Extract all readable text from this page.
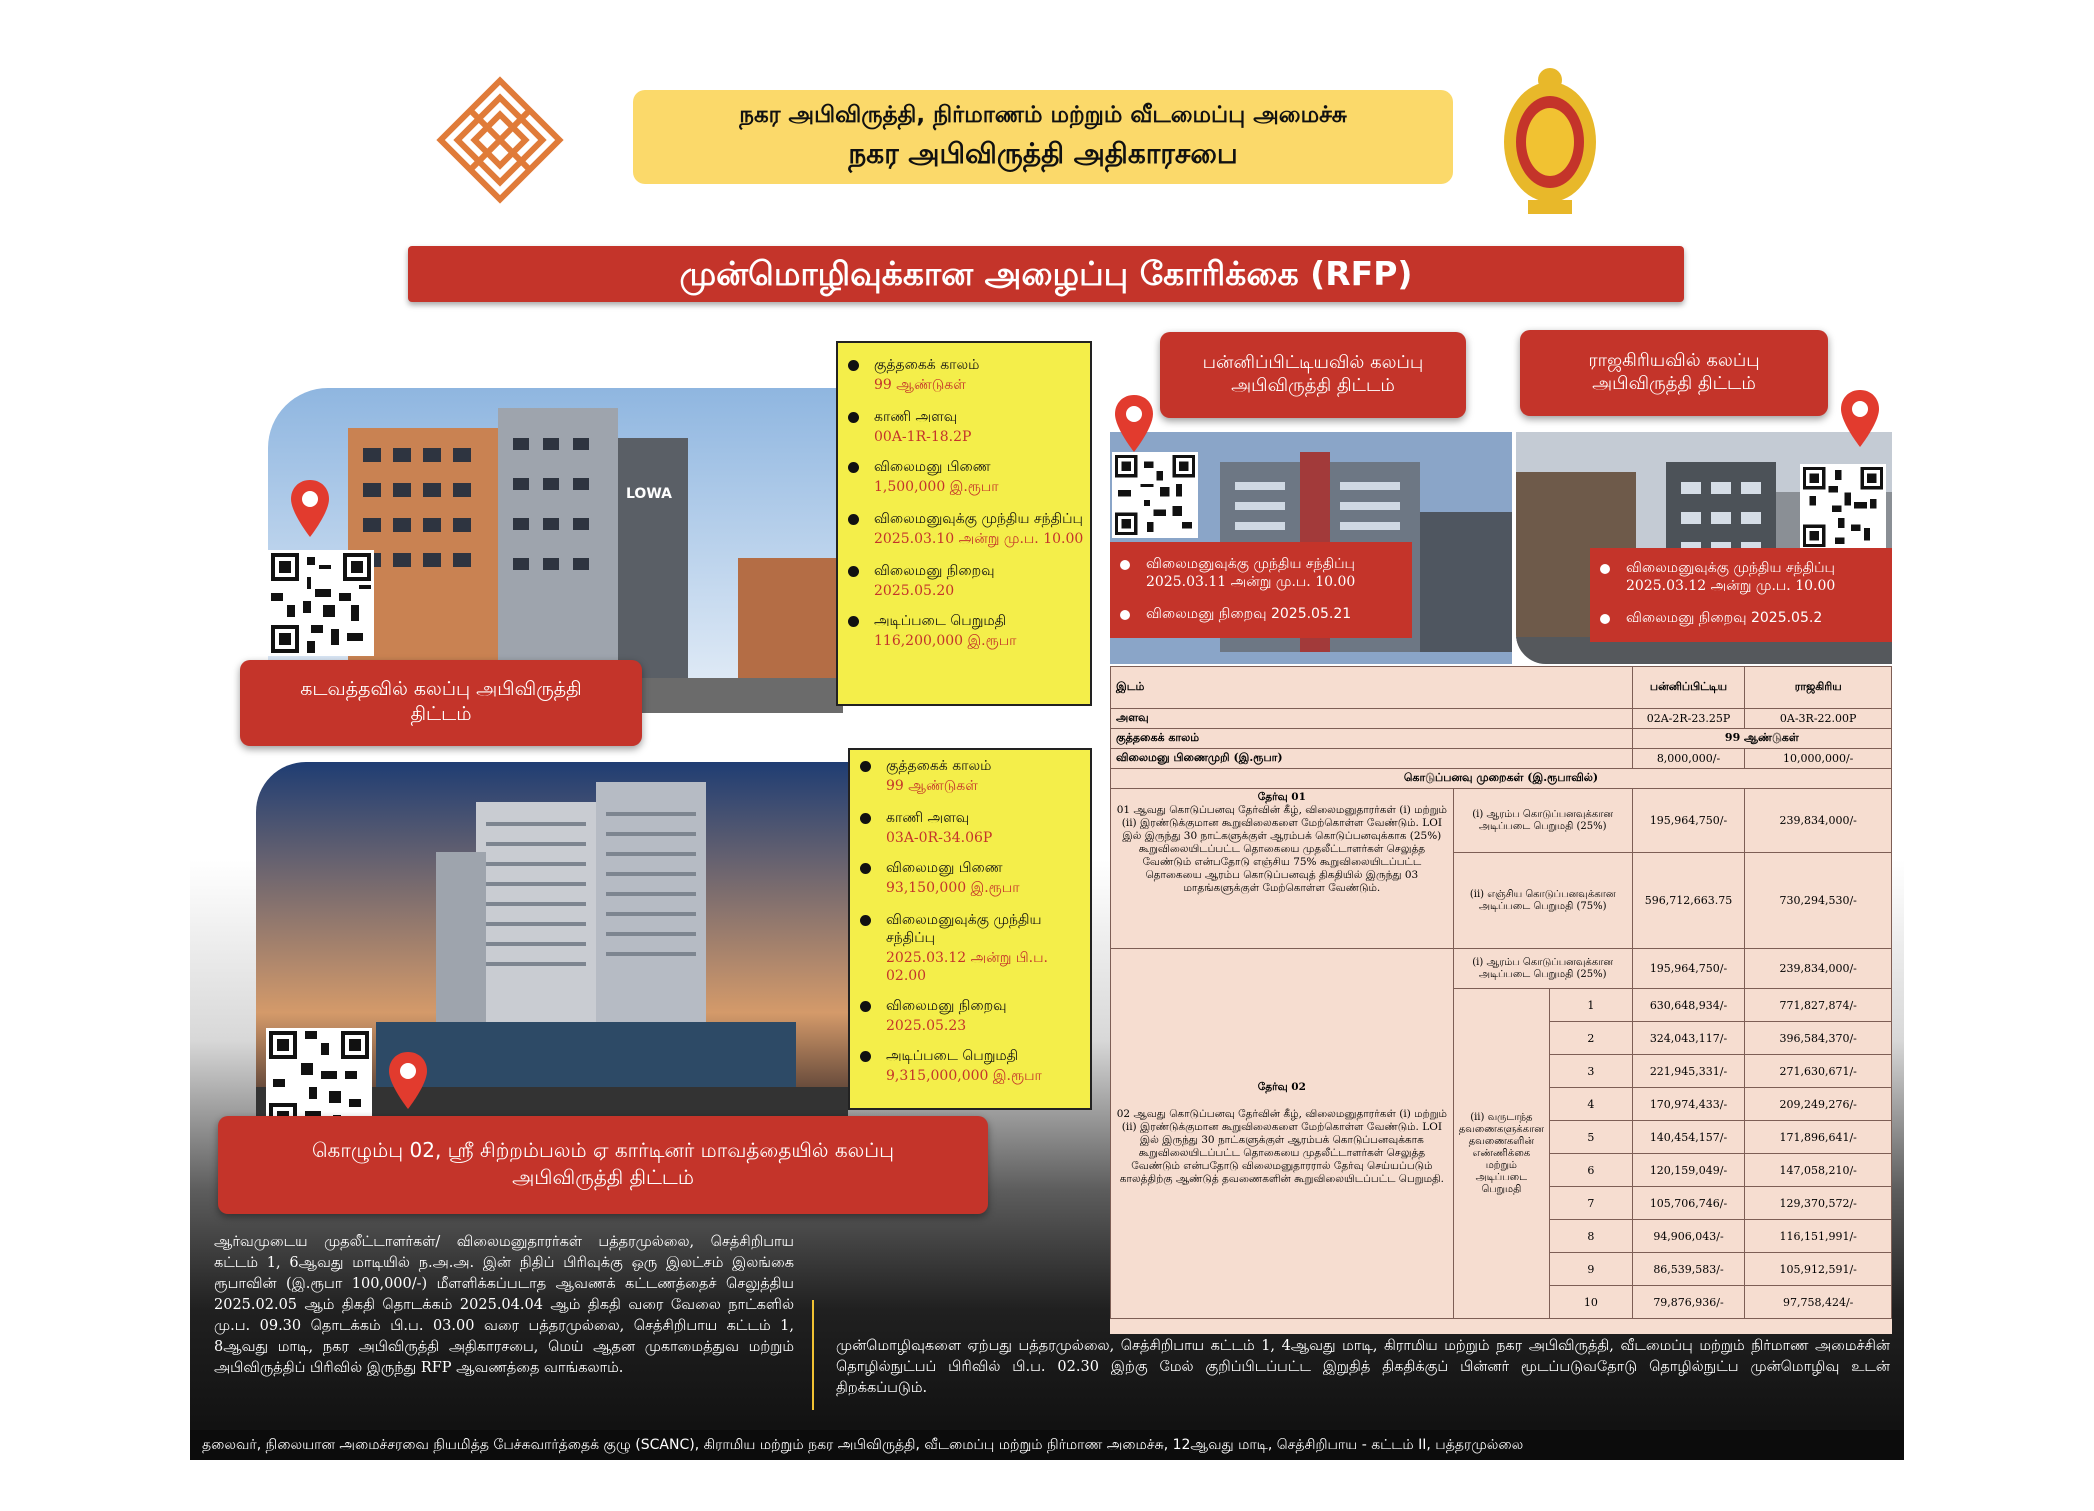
நகர அபிவிருத்தி, நிர்மாணம் மற்றும் வீடமைப்பு அமைச்சு
நகர அபிவிருத்தி அதிகாரசபை
முன்மொழிவுக்கான அழைப்பு கோரிக்கை (RFP)
LOWA
கடவத்தவில் கலப்பு அபிவிருத்தி திட்டம்
குத்தகைக் காலம்
99 ஆண்டுகள்
காணி அளவு
00A-1R-18.2P
விலைமனு பிணை
1,500,000 இ.ரூபா
விலைமனுவுக்கு முந்திய சந்திப்பு
2025.03.10 அன்று மு.ப. 10.00
விலைமனு நிறைவு
2025.05.20
அடிப்படை பெறுமதி
116,200,000 இ.ரூபா
பன்னிப்பிட்டியவில் கலப்பு அபிவிருத்தி திட்டம்
விலைமனுவுக்கு முந்திய சந்திப்பு
2025.03.11 அன்று மு.ப. 10.00
விலைமனு நிறைவு 2025.05.21
ராஜகிரியவில் கலப்பு அபிவிருத்தி திட்டம்
விலைமனுவுக்கு முந்திய சந்திப்பு
2025.03.12 அன்று மு.ப. 10.00
விலைமனு நிறைவு 2025.05.2
கொழும்பு 02, ஸ்ரீ சிற்றம்பலம் ஏ கார்டினர் மாவத்தையில் கலப்பு அபிவிருத்தி திட்டம்
குத்தகைக் காலம்
99 ஆண்டுகள்
காணி அளவு
03A-0R-34.06P
விலைமனு பிணை
93,150,000 இ.ரூபா
விலைமனுவுக்கு முந்திய சந்திப்பு
2025.03.12 அன்று பி.ப. 02.00
விலைமனு நிறைவு
2025.05.23
அடிப்படை பெறுமதி
9,315,000,000 இ.ரூபா
இடம்			பன்னிப்பிட்டிய	ராஜகிரிய
அளவு			02A-2R-23.25P	0A-3R-22.00P
குத்தகைக் காலம்			99 ஆண்டுகள்	
விலைமனு பிணைமுறி (இ.ரூபா)			8,000,000/-	10,000,000/-
கொடுப்பனவு முறைகள் (இ.ரூபாவில்)				

தேர்வு 01
01 ஆவது கொடுப்பனவு தேர்வின் கீழ், விலைமனுதாரர்கள் (i) மற்றும் (ii) இரண்டுக்குமான கூறுவிலைகளை மேற்கொள்ள வேண்டும். LOI இல் இருந்து 30 நாட்களுக்குள் ஆரம்பக் கொடுப்பனவுக்காக (25%) கூறுவிலையிடப்பட்ட தொகையை முதலீட்டாளர்கள் செலுத்த வேண்டும் என்பதோடு எஞ்சிய 75% கூறுவிலையிடப்பட்ட தொகையை ஆரம்ப கொடுப்பனவுத் திகதியில் இருந்து 03 மாதங்களுக்குள் மேற்கொள்ள வேண்டும்.	(i) ஆரம்ப கொடுப்பனவுக்கான அடிப்படை பெறுமதி (25%)		195,964,750/-	239,834,000/-
	(ii) எஞ்சிய கொடுப்பனவுக்கான அடிப்படை பெறுமதி (75%)		596,712,663.75	730,294,530/-

தேர்வு 02
02 ஆவது கொடுப்பனவு தேர்வின் கீழ், விலைமனுதாரர்கள் (i) மற்றும் (ii) இரண்டுக்குமான கூறுவிலைகளை மேற்கொள்ள வேண்டும். LOI இல் இருந்து 30 நாட்களுக்குள் ஆரம்பக் கொடுப்பனவுக்காக கூறுவிலையிடப்பட்ட தொகையை முதலீட்டாளர்கள் செலுத்த வேண்டும் என்பதோடு விலைமனுதாரரால் தேர்வு செய்யப்படும் காலத்திற்கு ஆண்டுத் தவணைகளின் கூறுவிலையிடப்பட்ட பெறுமதி.	(i) ஆரம்ப கொடுப்பனவுக்கான அடிப்படை பெறுமதி (25%)		195,964,750/-	239,834,000/-
	(ii) வருடாந்த தவணைகளுக்கான தவணைகளின் எண்ணிக்கை மற்றும் அடிப்படை பெறுமதி	1	630,648,934/-	771,827,874/-
		2	324,043,117/-	396,584,370/-
		3	221,945,331/-	271,630,671/-
		4	170,974,433/-	209,249,276/-
		5	140,454,157/-	171,896,641/-
		6	120,159,049/-	147,058,210/-
		7	105,706,746/-	129,370,572/-
		8	94,906,043/-	116,151,991/-
		9	86,539,583/-	105,912,591/-
		10	79,876,936/-	97,758,424/-
ஆர்வமுடைய முதலீட்டாளர்கள்/ விலைமனுதாரர்கள் பத்தரமுல்லை, செத்சிறிபாய கட்டம் 1, 6ஆவது மாடியில் ந.அ.அ. இன் நிதிப் பிரிவுக்கு ஒரு இலட்சம் இலங்கை ரூபாவின் (இ.ரூபா 100,000/-) மீளளிக்கப்படாத ஆவணக் கட்டணத்தைச் செலுத்திய 2025.02.05 ஆம் திகதி தொடக்கம் 2025.04.04 ஆம் திகதி வரை வேலை நாட்களில் மு.ப. 09.30 தொடக்கம் பி.ப. 03.00 வரை பத்தரமுல்லை, செத்சிறிபாய கட்டம் 1, 8ஆவது மாடி, நகர அபிவிருத்தி அதிகாரசபை, மெய் ஆதன முகாமைத்துவ மற்றும் அபிவிருத்திப் பிரிவில் இருந்து RFP ஆவணத்தை வாங்கலாம்.
முன்மொழிவுகளை ஏற்பது பத்தரமுல்லை, செத்சிறிபாய கட்டம் 1, 4ஆவது மாடி, கிராமிய மற்றும் நகர அபிவிருத்தி, வீடமைப்பு மற்றும் நிர்மாண அமைச்சின் தொழில்நுட்பப் பிரிவில் பி.ப. 02.30 இற்கு மேல் குறிப்பிடப்பட்ட இறுதித் திகதிக்குப் பின்னர் மூடப்படுவதோடு தொழில்நுட்ப முன்மொழிவு உடன் திறக்கப்படும்.
தலைவர், நிலையான அமைச்சரவை நியமித்த பேச்சுவார்த்தைக் குழு (SCANC), கிராமிய மற்றும் நகர அபிவிருத்தி, வீடமைப்பு மற்றும் நிர்மாண அமைச்சு, 12ஆவது மாடி, செத்சிறிபாய - கட்டம் II, பத்தரமுல்லை
